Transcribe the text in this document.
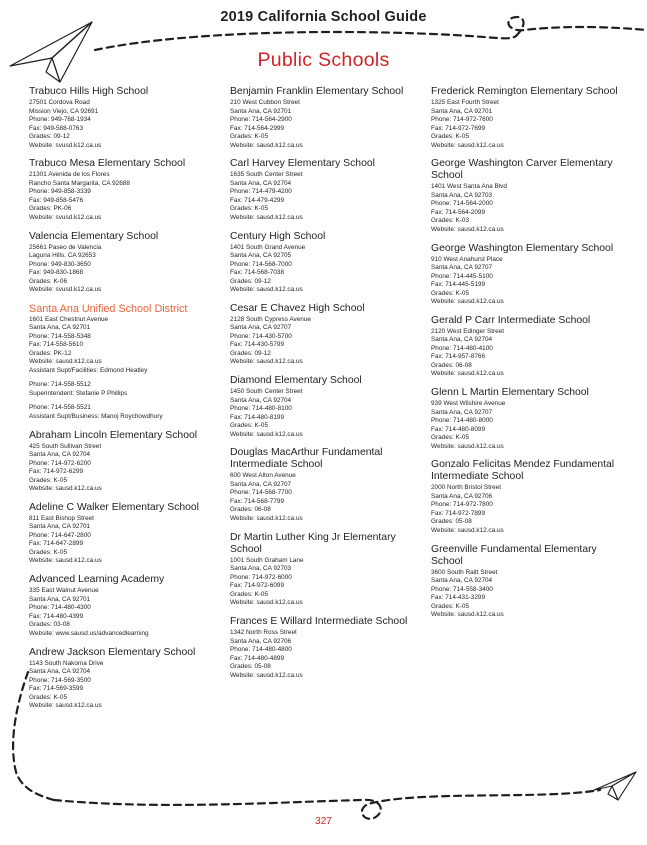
2019 California School Guide
Public Schools
Trabuco Hills High School
27501 Cordova Road
Mission Viejo, CA 92691
Phone: 949-768-1934
Fax: 949-588-0763
Grades: 09-12
Website: svusd.k12.ca.us
Trabuco Mesa Elementary School
21301 Avenida de los Flores
Rancho Santa Margarita, CA 92688
Phone: 949-858-3339
Fax: 949-858-5476
Grades: PK-06
Website: svusd.k12.ca.us
Valencia Elementary School
25661 Paseo de Valencia
Laguna Hills, CA 92653
Phone: 949-830-3650
Fax: 949-830-1868
Grades: K-06
Website: svusd.k12.ca.us
Santa Ana Unified School District
1601 East Chestnut Avenue
Santa Ana, CA 92701
Phone: 714-558-5348
Fax: 714-558-5610
Grades: PK-12
Website: sausd.k12.ca.us
Assistant Supt/Facilities: Edmond Heatley
Phone: 714-558-5512
Superintendent: Stefanie P Phillips
Phone: 714-558-5521
Assistant Supt/Business: Manoj Roychowdhury
Abraham Lincoln Elementary School
425 South Sullivan Street
Santa Ana, CA 92704
Phone: 714-972-6200
Fax: 714-972-6299
Grades: K-05
Website: sausd.k12.ca.us
Adeline C Walker Elementary School
811 East Bishop Street
Santa Ana, CA 92701
Phone: 714-647-2800
Fax: 714-647-2899
Grades: K-05
Website: sausd.k12.ca.us
Advanced Learning Academy
335 East Walnut Avenue
Santa Ana, CA 92701
Phone: 714-480-4300
Fax: 714-480-4399
Grades: 03-08
Website: www.sausd.us/advancedlearning
Andrew Jackson Elementary School
1143 South Nakoma Drive
Santa Ana, CA 92704
Phone: 714-569-3500
Fax: 714-569-3599
Grades: K-05
Website: sausd.k12.ca.us
Benjamin Franklin Elementary School
210 West Cubbon Street
Santa Ana, CA 92701
Phone: 714-564-2900
Fax: 714-564-2999
Grades: K-05
Website: sausd.k12.ca.us
Carl Harvey Elementary School
1635 South Center Street
Santa Ana, CA 92704
Phone: 714-479-4200
Fax: 714-479-4299
Grades: K-05
Website: sausd.k12.ca.us
Century High School
1401 South Grand Avenue
Santa Ana, CA 92705
Phone: 714-568-7000
Fax: 714-568-7038
Grades: 09-12
Website: sausd.k12.ca.us
Cesar E Chavez High School
2128 South Cypress Avenue
Santa Ana, CA 92707
Phone: 714-430-5700
Fax: 714-430-5799
Grades: 09-12
Website: sausd.k12.ca.us
Diamond Elementary School
1450 South Center Street
Santa Ana, CA 92704
Phone: 714-480-8100
Fax: 714-480-8199
Grades: K-05
Website: sausd.k12.ca.us
Douglas MacArthur Fundamental Intermediate School
600 West Alton Avenue
Santa Ana, CA 92707
Phone: 714-568-7700
Fax: 714-568-7799
Grades: 06-08
Website: sausd.k12.ca.us
Dr Martin Luther King Jr Elementary School
1001 South Graham Lane
Santa Ana, CA 92703
Phone: 714-972-6000
Fax: 714-972-6099
Grades: K-05
Website: sausd.k12.ca.us
Frances E Willard Intermediate School
1342 North Ross Street
Santa Ana, CA 92706
Phone: 714-480-4800
Fax: 714-480-4899
Grades: 05-08
Website: sausd.k12.ca.us
Frederick Remington Elementary School
1325 East Fourth Street
Santa Ana, CA 92701
Phone: 714-972-7600
Fax: 714-972-7699
Grades: K-05
Website: sausd.k12.ca.us
George Washington Carver Elementary School
1401 West Santa Ana Blvd
Santa Ana, CA 92703
Phone: 714-564-2000
Fax: 714-564-2099
Grades: K-03
Website: sausd.k12.ca.us
George Washington Elementary School
910 West Anahurst Place
Santa Ana, CA 92707
Phone: 714-445-5100
Fax: 714-445-5199
Grades: K-05
Website: sausd.k12.ca.us
Gerald P Carr Intermediate School
2120 West Edinger Street
Santa Ana, CA 92704
Phone: 714-480-4100
Fax: 714-957-8766
Grades: 06-08
Website: sausd.k12.ca.us
Glenn L Martin Elementary School
939 West Wilshire Avenue
Santa Ana, CA 92707
Phone: 714-480-8000
Fax: 714-480-8099
Grades: K-05
Website: sausd.k12.ca.us
Gonzalo Felicitas Mendez Fundamental Intermediate School
2000 North Bristol Street
Santa Ana, CA 92706
Phone: 714-972-7800
Fax: 714-972-7899
Grades: 05-08
Website: sausd.k12.ca.us
Greenville Fundamental Elementary School
3600 South Raitt Street
Santa Ana, CA 92704
Phone: 714-558-3400
Fax: 714-431-3299
Grades: K-05
Website: sausd.k12.ca.us
327
